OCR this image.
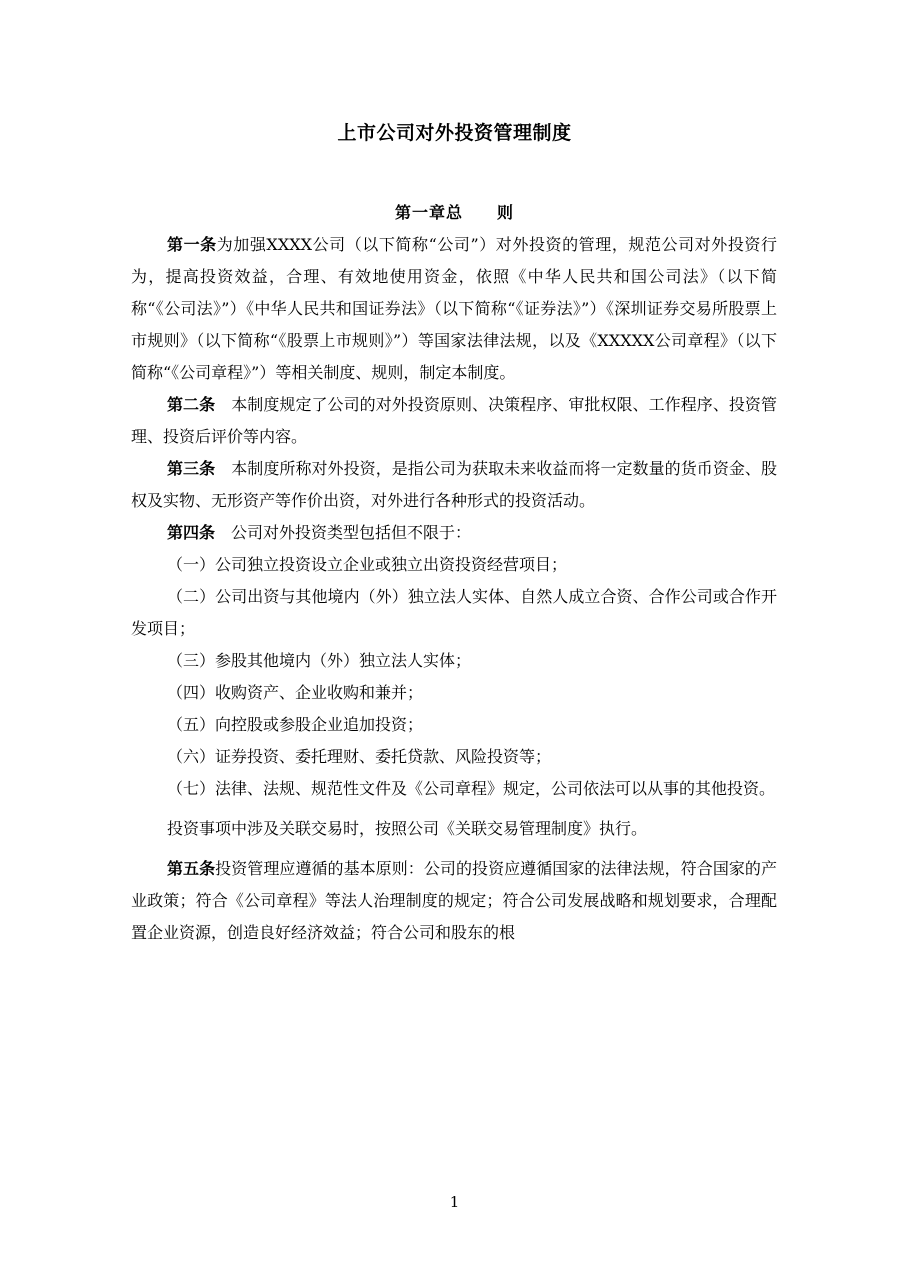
上市公司对外投资管理制度
第一章总　　则

第一条为加强XXXX公司（以下简称“公司”）对外投资的管理，规范公司对外投资行为，提高投资效益，合理、有效地使用资金，依照《中华人民共和国公司法》（以下简称“《公司法》”）《中华人民共和国证券法》（以下简称“《证券法》”）《深圳证券交易所股票上市规则》（以下简称“《股票上市规则》”）等国家法律法规，以及《XXXXX公司章程》（以下简称“《公司章程》”）等相关制度、规则，制定本制度。

第二条　本制度规定了公司的对外投资原则、决策程序、审批权限、工作程序、投资管理、投资后评价等内容。

第三条　本制度所称对外投资，是指公司为获取未来收益而将一定数量的货币资金、股权及实物、无形资产等作价出资，对外进行各种形式的投资活动。

第四条　公司对外投资类型包括但不限于：

（一）公司独立投资设立企业或独立出资投资经营项目；

（二）公司出资与其他境内（外）独立法人实体、自然人成立合资、合作公司或合作开发项目；

（三）参股其他境内（外）独立法人实体；

（四）收购资产、企业收购和兼并；

（五）向控股或参股企业追加投资；

（六）证券投资、委托理财、委托贷款、风险投资等；

（七）法律、法规、规范性文件及《公司章程》规定，公司依法可以从事的其他投资。

投资事项中涉及关联交易时，按照公司《关联交易管理制度》执行。

第五条投资管理应遵循的基本原则：公司的投资应遵循国家的法律法规，符合国家的产业政策；符合《公司章程》等法人治理制度的规定；符合公司发展战略和规划要求，合理配置企业资源，创造良好经济效益；符合公司和股东的根

1
